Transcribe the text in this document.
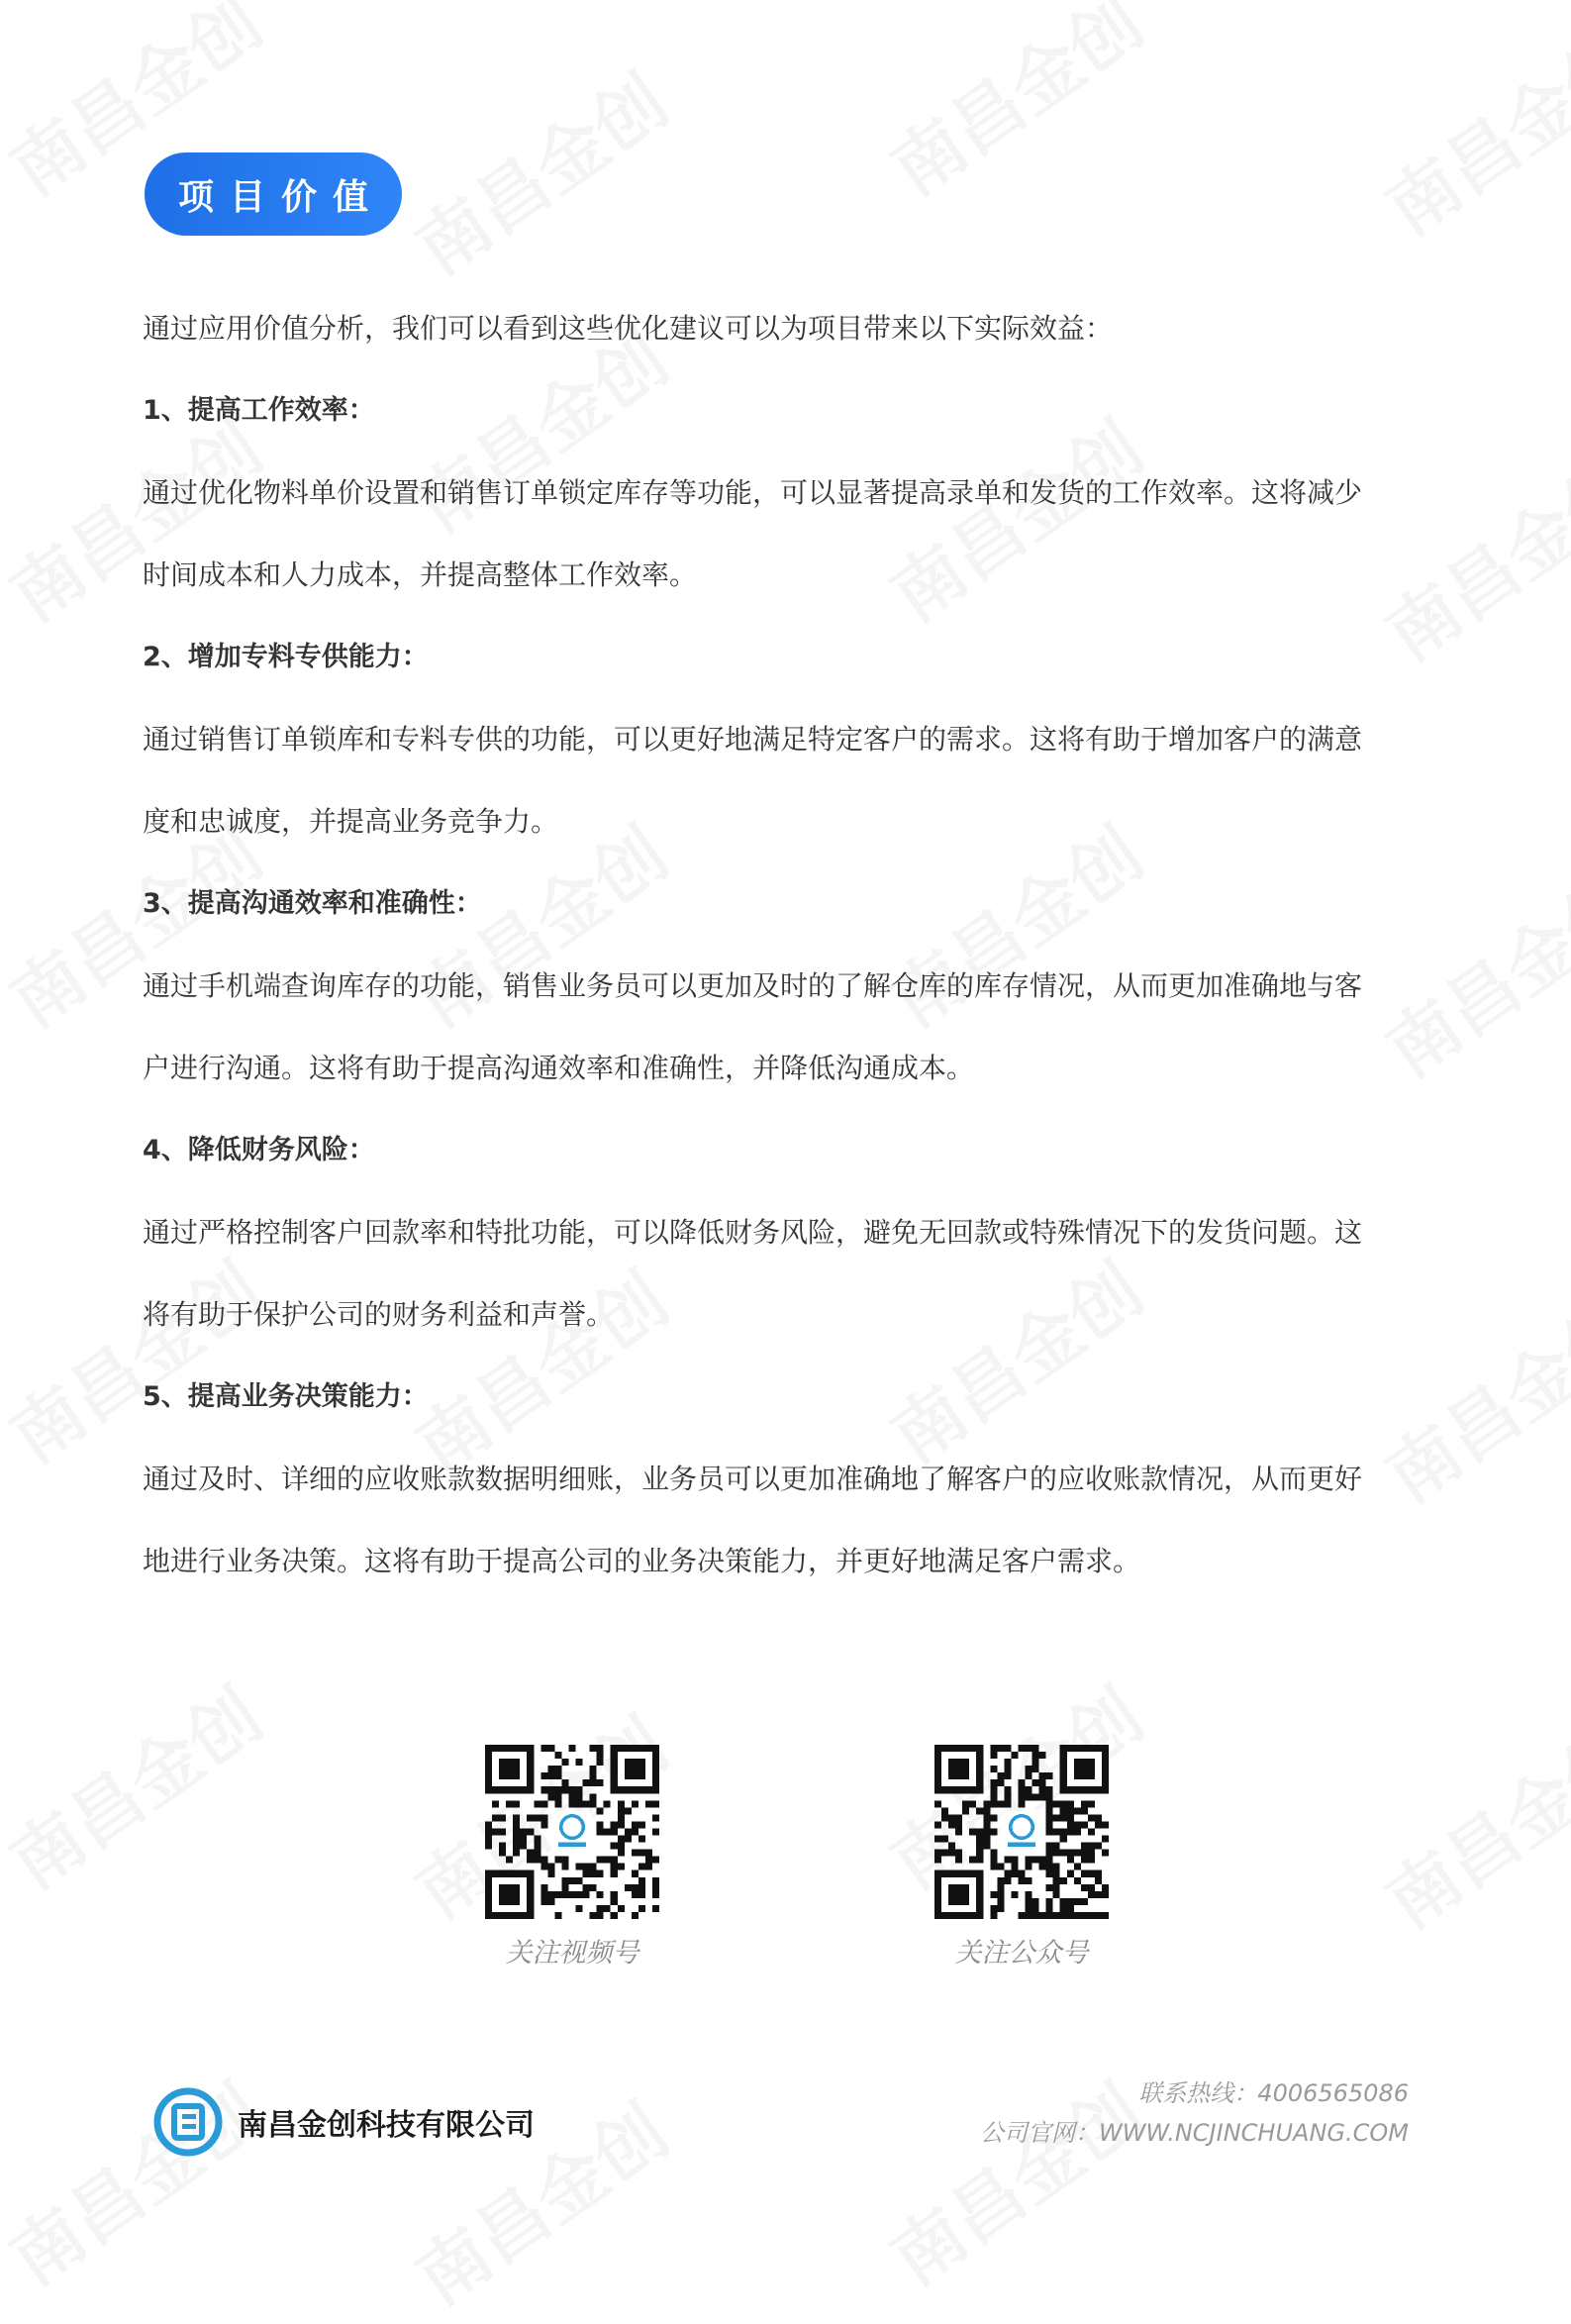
项目价值

通过应用价值分析，我们可以看到这些优化建议可以为项目带来以下实际效益：

1、提高工作效率：

通过优化物料单价设置和销售订单锁定库存等功能，可以显著提高录单和发货的工作效率。这将减少

时间成本和人力成本，并提高整体工作效率。

2、增加专料专供能力：

通过销售订单锁库和专料专供的功能，可以更好地满足特定客户的需求。这将有助于增加客户的满意

度和忠诚度，并提高业务竞争力。

3、提高沟通效率和准确性：

通过手机端查询库存的功能，销售业务员可以更加及时的了解仓库的库存情况，从而更加准确地与客

户进行沟通。这将有助于提高沟通效率和准确性，并降低沟通成本。

4、降低财务风险：

通过严格控制客户回款率和特批功能，可以降低财务风险，避免无回款或特殊情况下的发货问题。这

将有助于保护公司的财务利益和声誉。

5、提高业务决策能力：

通过及时、详细的应收账款数据明细账，业务员可以更加准确地了解客户的应收账款情况，从而更好

地进行业务决策。这将有助于提高公司的业务决策能力，并更好地满足客户需求。

关注视频号	关注公众号
南昌金创科技有限公司
联系热线：4006565086
公司官网：WWW.NCJINCHUANG.COM
